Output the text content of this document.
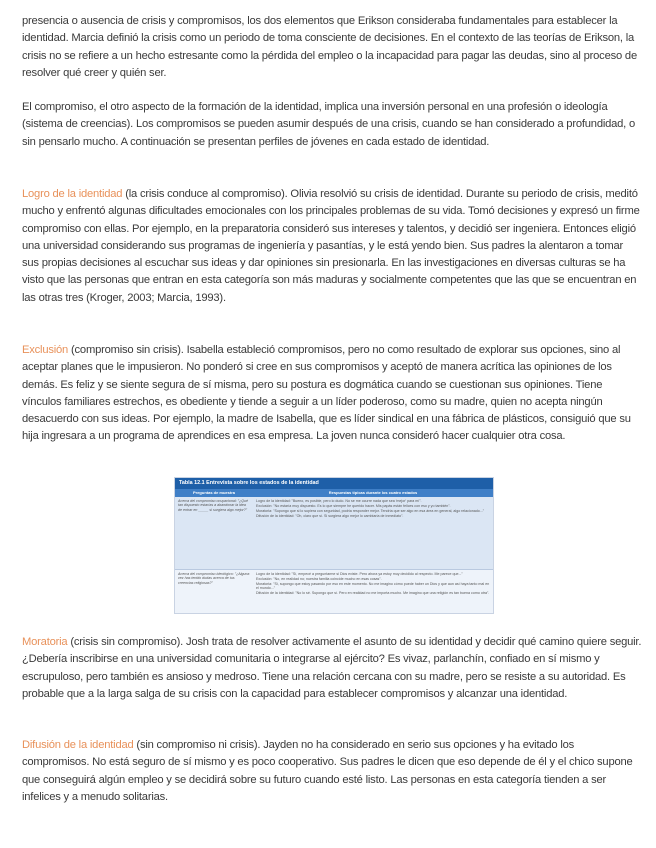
presencia o ausencia de crisis y compromisos, los dos elementos que Erikson consideraba fundamentales para establecer la identidad. Marcia definió la crisis como un periodo de toma consciente de decisiones. En el contexto de las teorías de Erikson, la crisis no se refiere a un hecho estresante como la pérdida del empleo o la incapacidad para pagar las deudas, sino al proceso de resolver qué creer y quién ser.

El compromiso, el otro aspecto de la formación de la identidad, implica una inversión personal en una profesión o ideología (sistema de creencias). Los compromisos se pueden asumir después de una crisis, cuando se han considerado a profundidad, o sin pensarlo mucho. A continuación se presentan perfiles de jóvenes en cada estado de identidad.

Logro de la identidad (la crisis conduce al compromiso). Olivia resolvió su crisis de identidad. Durante su periodo de crisis, meditó mucho y enfrentó algunas dificultades emocionales con los principales problemas de su vida. Tomó decisiones y expresó un firme compromiso con ellas. Por ejemplo, en la preparatoria consideró sus intereses y talentos, y decidió ser ingeniera. Entonces eligió una universidad considerando sus programas de ingeniería y pasantías, y le está yendo bien. Sus padres la alentaron a tomar sus propias decisiones al escuchar sus ideas y dar opiniones sin presionarla. En las investigaciones en diversas culturas se ha visto que las personas que entran en esta categoría son más maduras y socialmente competentes que las que se encuentran en las otras tres (Kroger, 2003; Marcia, 1993).

Exclusión (compromiso sin crisis). Isabella estableció compromisos, pero no como resultado de explorar sus opciones, sino al aceptar planes que le impusieron. No ponderó si cree en sus compromisos y aceptó de manera acrítica las opiniones de los demás. Es feliz y se siente segura de sí misma, pero su postura es dogmática cuando se cuestionan sus opiniones. Tiene vínculos familiares estrechos, es obediente y tiende a seguir a un líder poderoso, como su madre, quien no acepta ningún desacuerdo con sus ideas. Por ejemplo, la madre de Isabella, que es líder sindical en una fábrica de plásticos, consiguió que su hija ingresara a un programa de aprendices en esa empresa. La joven nunca consideró hacer cualquier otra cosa.

Tabla 12.1 Entrevista sobre los estados de la identidad
Preguntas de muestra	Respuestas típicas durante los cuatro estados
Acerca del compromiso ocupacional: "¿Qué tan dispuesto estarías a abandonar la idea de entrar en _____ si surgiera algo mejor?"

Logro de la identidad: "Bueno, es posible, pero lo dudo. No se me ocurre nada que sea 'mejor' para mí".

Exclusión: "No estaría muy dispuesto. Es lo que siempre he querido hacer. Mis papás están felices con eso y yo también".

Moratoria: "Supongo que si lo supiera con seguridad, podría responder mejor. Tendría que ser algo en esa área en general, algo relacionado..."

Difusión de la identidad: "Oh, claro que sí. Si surgiera algo mejor lo cambiaría de inmediato".

Acerca del compromiso ideológico: "¿Alguna vez has tenido dudas acerca de tus creencias religiosas?"

Logro de la identidad: "Sí, empecé a preguntarme si Dios existe. Pero ahora ya estoy muy decidido al respecto. Me parece que..."

Exclusión: "No, en realidad no; nuestra familia coincide mucho en esas cosas".

Moratoria: "Sí, supongo que estoy pasando por eso en este momento. No me imagino cómo puede haber un Dios y que aun así haya tanto mal en el mundo..."

Difusión de la identidad: "No lo sé. Supongo que sí. Pero en realidad no me importa mucho. Me imagino que una religión es tan buena como otra".

Moratoria (crisis sin compromiso). Josh trata de resolver activamente el asunto de su identidad y decidir qué camino quiere seguir. ¿Debería inscribirse en una universidad comunitaria o integrarse al ejército? Es vivaz, parlanchín, confiado en sí mismo y escrupuloso, pero también es ansioso y medroso. Tiene una relación cercana con su madre, pero se resiste a su autoridad. Es probable que a la larga salga de su crisis con la capacidad para establecer compromisos y alcanzar una identidad.

Difusión de la identidad (sin compromiso ni crisis). Jayden no ha considerado en serio sus opciones y ha evitado los compromisos. No está seguro de sí mismo y es poco cooperativo. Sus padres le dicen que eso depende de él y el chico supone que conseguirá algún empleo y se decidirá sobre su futuro cuando esté listo. Las personas en esta categoría tienden a ser infelices y a menudo solitarias.
